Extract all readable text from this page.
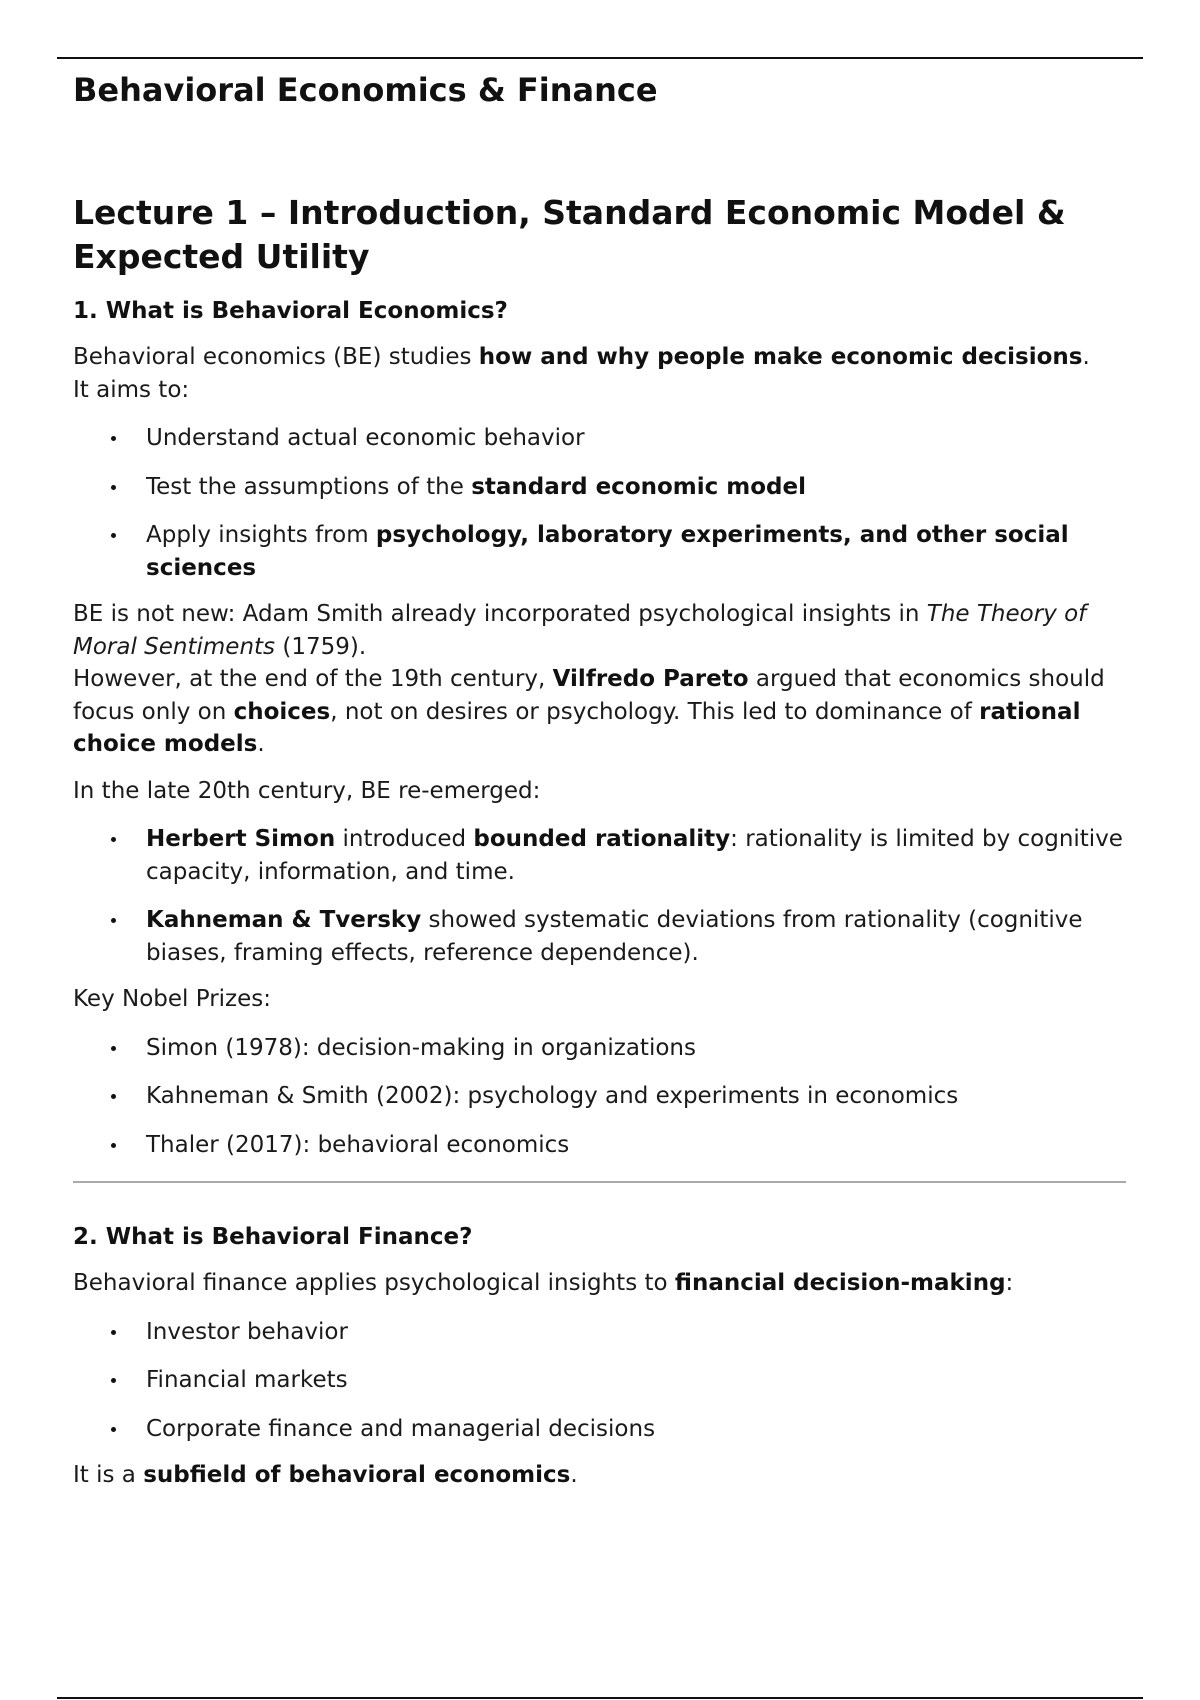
Behavioral Economics & Finance
Lecture 1 – Introduction, Standard Economic Model & Expected Utility
1. What is Behavioral Economics?

Behavioral economics (BE) studies how and why people make economic decisions.

It aims to:

Understand actual economic behavior
Test the assumptions of the standard economic model
Apply insights from psychology, laboratory experiments, and other social sciences

BE is not new: Adam Smith already incorporated psychological insights in The Theory of Moral Sentiments (1759).
However, at the end of the 19th century, Vilfredo Pareto argued that economics should focus only on choices, not on desires or psychology. This led to dominance of rational choice models.

In the late 20th century, BE re-emerged:

Herbert Simon introduced bounded rationality: rationality is limited by cognitive capacity, information, and time.
Kahneman & Tversky showed systematic deviations from rationality (cognitive biases, framing effects, reference dependence).

Key Nobel Prizes:

Simon (1978): decision-making in organizations
Kahneman & Smith (2002): psychology and experiments in economics
Thaler (2017): behavioral economics
2. What is Behavioral Finance?

Behavioral finance applies psychological insights to financial decision-making:

Investor behavior
Financial markets
Corporate finance and managerial decisions

It is a subfield of behavioral economics.
